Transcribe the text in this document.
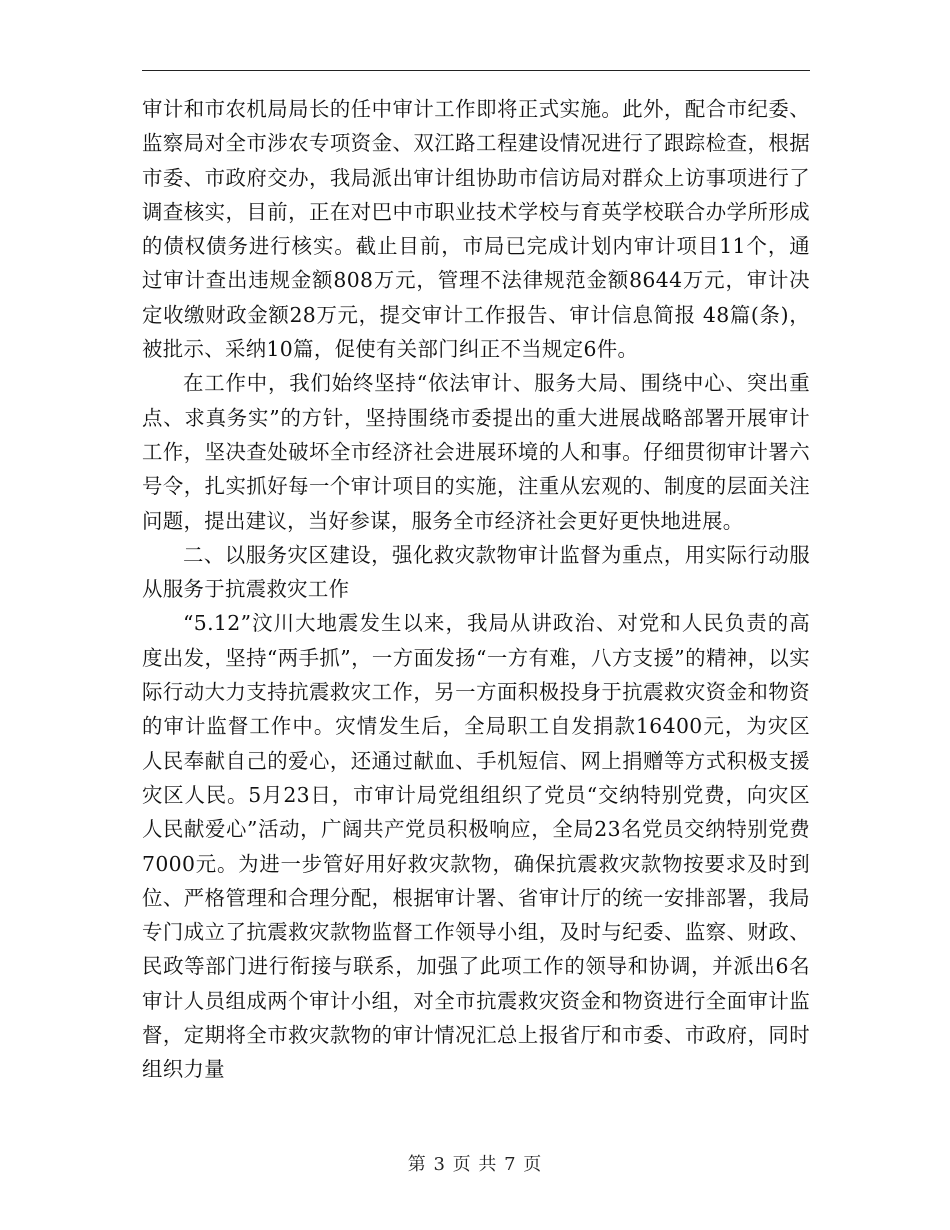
审计和市农机局局长的任中审计工作即将正式实施。此外，配合市纪委、监察局对全市涉农专项资金、双江路工程建设情况进行了跟踪检查，根据市委、市政府交办，我局派出审计组协助市信访局对群众上访事项进行了调查核实，目前，正在对巴中市职业技术学校与育英学校联合办学所形成的债权债务进行核实。截止目前，市局已完成计划内审计项目11个，通过审计查出违规金额808万元，管理不法律规范金额8644万元，审计决定收缴财政金额28万元，提交审计工作报告、审计信息简报 48篇(条)，被批示、采纳10篇，促使有关部门纠正不当规定6件。

在工作中，我们始终坚持“依法审计、服务大局、围绕中心、突出重点、求真务实”的方针，坚持围绕市委提出的重大进展战略部署开展审计工作，坚决查处破坏全市经济社会进展环境的人和事。仔细贯彻审计署六号令，扎实抓好每一个审计项目的实施，注重从宏观的、制度的层面关注问题，提出建议，当好参谋，服务全市经济社会更好更快地进展。

二、以服务灾区建设，强化救灾款物审计监督为重点，用实际行动服从服务于抗震救灾工作

“5.12”汶川大地震发生以来，我局从讲政治、对党和人民负责的高度出发，坚持“两手抓”，一方面发扬“一方有难，八方支援”的精神，以实际行动大力支持抗震救灾工作，另一方面积极投身于抗震救灾资金和物资的审计监督工作中。灾情发生后，全局职工自发捐款16400元，为灾区人民奉献自己的爱心，还通过献血、手机短信、网上捐赠等方式积极支援灾区人民。5月23日，市审计局党组组织了党员“交纳特别党费，向灾区人民献爱心”活动，广阔共产党员积极响应，全局23名党员交纳特别党费7000元。为进一步管好用好救灾款物，确保抗震救灾款物按要求及时到位、严格管理和合理分配，根据审计署、省审计厅的统一安排部署，我局专门成立了抗震救灾款物监督工作领导小组，及时与纪委、监察、财政、民政等部门进行衔接与联系，加强了此项工作的领导和协调，并派出6名审计人员组成两个审计小组，对全市抗震救灾资金和物资进行全面审计监督，定期将全市救灾款物的审计情况汇总上报省厅和市委、市政府，同时组织力量

第 3 页 共 7 页
